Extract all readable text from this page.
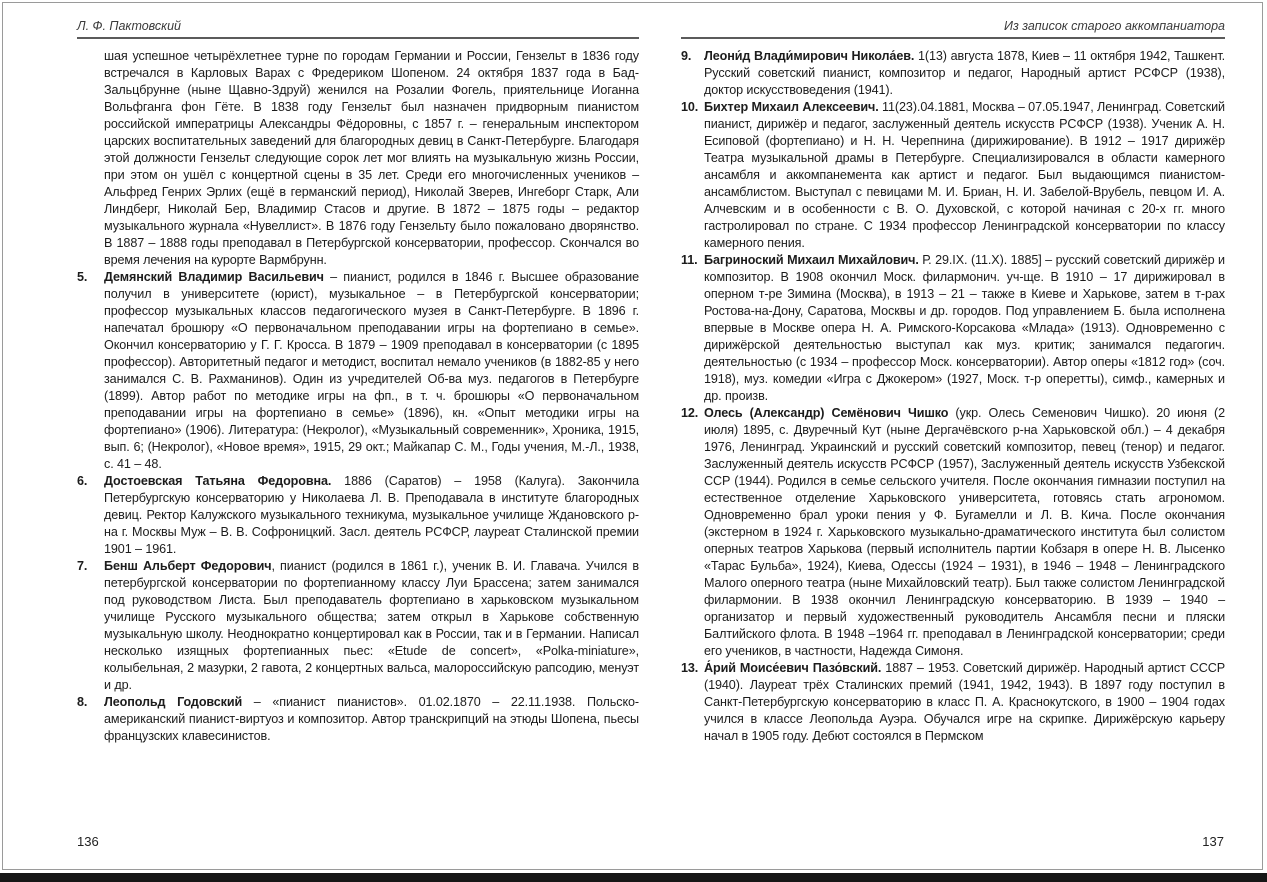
Л. Ф. Пактовский
шая успешное четырёхлетнее турне по городам Германии и России, Гензельт в 1836 году встречался в Карловых Варах с Фредериком Шопеном. 24 октября 1837 года в Бад-Зальцбрунне (ныне Щавно-Здруй) женился на Розалии Фогель, приятельнице Иоганна Вольфганга фон Гёте. В 1838 году Гензельт был назначен придворным пианистом российской императрицы Александры Фёдоровны, с 1857 г. – генеральным инспектором царских воспитательных заведений для благородных девиц в Санкт-Петербурге. Благодаря этой должности Гензельт следующие сорок лет мог влиять на музыкальную жизнь России, при этом он ушёл с концертной сцены в 35 лет. Среди его многочисленных учеников – Альфред Генрих Эрлих (ещё в германский период), Николай Зверев, Ингеборг Старк, Али Линдберг, Николай Бер, Владимир Стасов и другие. В 1872 – 1875 годы – редактор музыкального журнала «Нувеллист». В 1876 году Гензельту было пожаловано дворянство. В 1887 – 1888 годы преподавал в Петербургской консерватории, профессор. Скончался во время лечения на курорте Вармбрунн.
5. Демянский Владимир Васильевич – пианист, родился в 1846 г. Высшее образование получил в университете (юрист), музыкальное – в Петербургской консерватории; профессор музыкальных классов педагогического музея в Санкт-Петербурге. В 1896 г. напечатал брошюру «О первоначальном преподавании игры на фортепиано в семье». Окончил консерваторию у Г. Г. Кросса. В 1879 – 1909 преподавал в консерватории (с 1895 профессор). Авторитетный педагог и методист, воспитал немало учеников (в 1882-85 у него занимался С. В. Рахманинов). Один из учредителей Об-ва муз. педагогов в Петербурге (1899). Автор работ по методике игры на фп., в т. ч. брошюры «О первоначальном преподавании игры на фортепиано в семье» (1896), кн. «Опыт методики игры на фортепиано» (1906). Литература: (Некролог), «Музыкальный современник», Хроника, 1915, вып. 6; (Некролог), «Новое время», 1915, 29 окт.; Майкапар С. М., Годы учения, М.-Л., 1938, с. 41 – 48.
6. Достоевская Татьяна Федоровна. 1886 (Саратов) – 1958 (Калуга). Закончила Петербургскую консерваторию у Николаева Л. В. Преподавала в институте благородных девиц. Ректор Калужского музыкального техникума, музыкальное училище Ждановского р-на г. Москвы Муж – В. В. Софроницкий. Засл. деятель РСФСР, лауреат Сталинской премии 1901 – 1961.
7. Бенш Альберт Федорович, пианист (родился в 1861 г.), ученик В. И. Главача. Учился в петербургской консерватории по фортепианному классу Луи Брассена; затем занимался под руководством Листа. Был преподаватель фортепиано в харьковском музыкальном училище Русского музыкального общества; затем открыл в Харькове собственную музыкальную школу. Неоднократно концертировал как в России, так и в Германии. Написал несколько изящных фортепианных пьес: «Etude de concert», «Polka-miniature», колыбельная, 2 мазурки, 2 гавота, 2 концертных вальса, малороссийскую рапсодию, менуэт и др.
8. Леопольд Годовский – «пианист пианистов». 01.02.1870 – 22.11.1938. Польско-американский пианист-виртуоз и композитор. Автор транскрипций на этюды Шопена, пьесы французских клавесинистов.
Из записок старого аккомпаниатора
9. Леони́д Влади́мирович Никола́ев. 1(13) августа 1878, Киев – 11 октября 1942, Ташкент. Русский советский пианист, композитор и педагог, Народный артист РСФСР (1938), доктор искусствоведения (1941).
10. Бихтер Михаил Алексеевич. 11(23).04.1881, Москва – 07.05.1947, Ленинград. Советский пианист, дирижёр и педагог, заслуженный деятель искусств РСФСР (1938). Ученик А. Н. Есиповой (фортепиано) и Н. Н. Черепнина (дирижирование). В 1912 – 1917 дирижёр Театра музыкальной драмы в Петербурге. Специализировался в области камерного ансамбля и аккомпанемента как артист и педагог. Был выдающимся пианистом-ансамблистом. Выступал с певицами М. И. Бриан, Н. И. Забелой-Врубель, певцом И. А. Алчевским и в особенности с В. О. Духовской, с которой начиная с 20-х гг. много гастролировал по стране. С 1934 профессор Ленинградской консерватории по классу камерного пения.
11. Багриноский Михаил Михайлович. Р. 29.IX. (11.X). 1885] – русский советский дирижёр и композитор. В 1908 окончил Моск. филармонич. уч-ще. В 1910 – 17 дирижировал в оперном т-ре Зимина (Москва), в 1913 – 21 – также в Киеве и Харькове, затем в т-рах Ростова-на-Дону, Саратова, Москвы и др. городов. Под управлением Б. была исполнена впервые в Москве опера Н. А. Римского-Корсакова «Млада» (1913). Одновременно с дирижёрской деятельностью выступал как муз. критик; занимался педагогич. деятельностью (с 1934 – профессор Моск. консерватории). Автор оперы «1812 год» (соч. 1918), муз. комедии «Игра с Джокером» (1927, Моск. т-р оперетты), симф., камерных и др. произв.
12. Олесь (Александр) Семёнович Чишко (укр. Олесь Семенович Чишко). 20 июня (2 июля) 1895, с. Двуречный Кут (ныне Дергачёвского р-на Харьковской обл.) – 4 декабря 1976, Ленинград. Украинский и русский советский композитор, певец (тенор) и педагог. Заслуженный деятель искусств РСФСР (1957), Заслуженный деятель искусств Узбекской ССР (1944). Родился в семье сельского учителя. После окончания гимназии поступил на естественное отделение Харьковского университета, готовясь стать агрономом. Одновременно брал уроки пения у Ф. Бугамелли и Л. В. Кича. После окончания (экстерном в 1924 г. Харьковского музыкально-драматического института был солистом оперных театров Харькова (первый исполнитель партии Кобзаря в опере Н. В. Лысенко «Тарас Бульба», 1924), Киева, Одессы (1924 – 1931), в 1946 – 1948 – Ленинградского Малого оперного театра (ныне Михайловский театр). Был также солистом Ленинградской филармонии. В 1938 окончил Ленинградскую консерваторию. В 1939 – 1940 – организатор и первый художественный руководитель Ансамбля песни и пляски Балтийского флота. В 1948 –1964 гг. преподавал в Ленинградской консерватории; среди его учеников, в частности, Надежда Симоня.
13. А́рий Моисе́евич Пазо́вский. 1887 – 1953. Советский дирижёр. Народный артист СССР (1940). Лауреат трёх Сталинских премий (1941, 1942, 1943). В 1897 году поступил в Санкт-Петербургскую консерваторию в класс П. А. Краснокутского, в 1900 – 1904 годах учился в классе Леопольда Ауэра. Обучался игре на скрипке. Дирижёрскую карьеру начал в 1905 году. Дебют состоялся в Пермском
136	137
